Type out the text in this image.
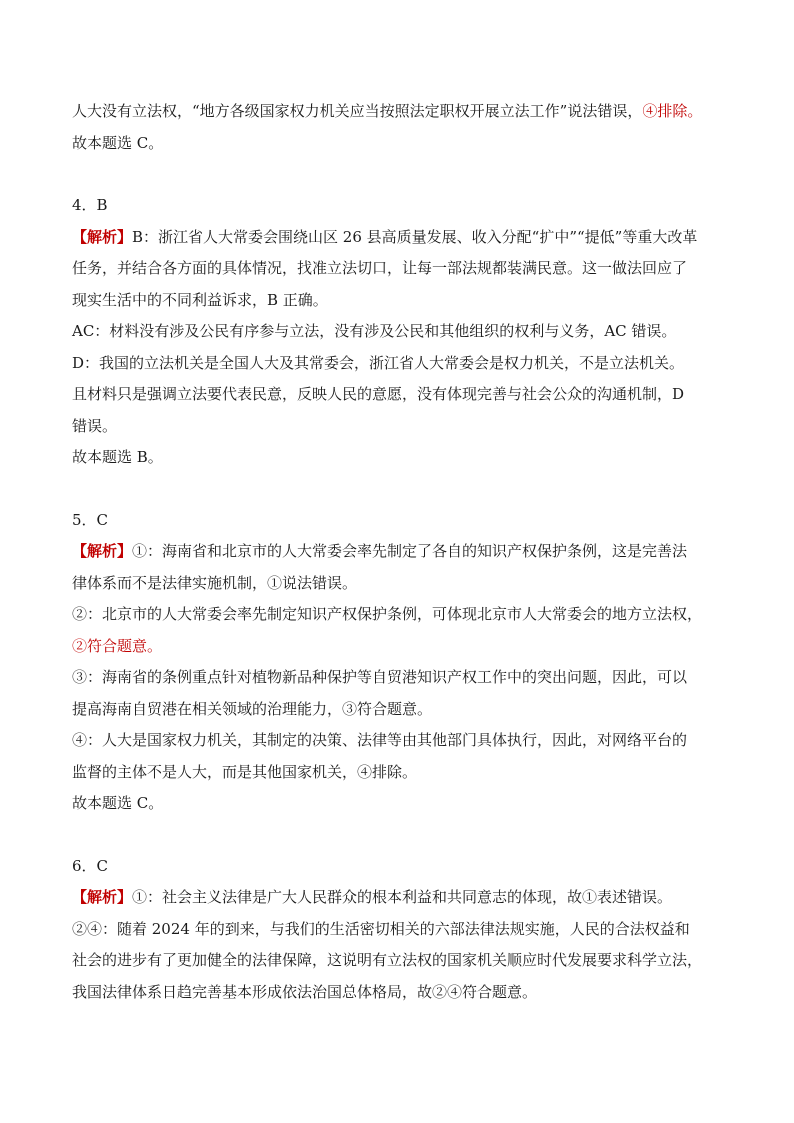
人大没有立法权，“地方各级国家权力机关应当按照法定职权开展立法工作”说法错误，④排除。
故本题选 C。
4．B
【解析】B：浙江省人大常委会围绕山区 26 县高质量发展、收入分配“扩中”“提低”等重大改革
任务，并结合各方面的具体情况，找准立法切口，让每一部法规都装满民意。这一做法回应了
现实生活中的不同利益诉求，B 正确。
AC：材料没有涉及公民有序参与立法，没有涉及公民和其他组织的权利与义务，AC 错误。
D：我国的立法机关是全国人大及其常委会，浙江省人大常委会是权力机关，不是立法机关。
且材料只是强调立法要代表民意，反映人民的意愿，没有体现完善与社会公众的沟通机制，D
错误。
故本题选 B。
5．C
【解析】①：海南省和北京市的人大常委会率先制定了各自的知识产权保护条例，这是完善法
律体系而不是法律实施机制，①说法错误。
②：北京市的人大常委会率先制定知识产权保护条例，可体现北京市人大常委会的地方立法权，
②符合题意。
③：海南省的条例重点针对植物新品种保护等自贸港知识产权工作中的突出问题，因此，可以
提高海南自贸港在相关领域的治理能力，③符合题意。
④：人大是国家权力机关，其制定的决策、法律等由其他部门具体执行，因此，对网络平台的
监督的主体不是人大，而是其他国家机关，④排除。
故本题选 C。
6．C
【解析】①：社会主义法律是广大人民群众的根本利益和共同意志的体现，故①表述错误。
②④：随着 2024 年的到来，与我们的生活密切相关的六部法律法规实施，人民的合法权益和
社会的进步有了更加健全的法律保障，这说明有立法权的国家机关顺应时代发展要求科学立法，
我国法律体系日趋完善基本形成依法治国总体格局，故②④符合题意。
